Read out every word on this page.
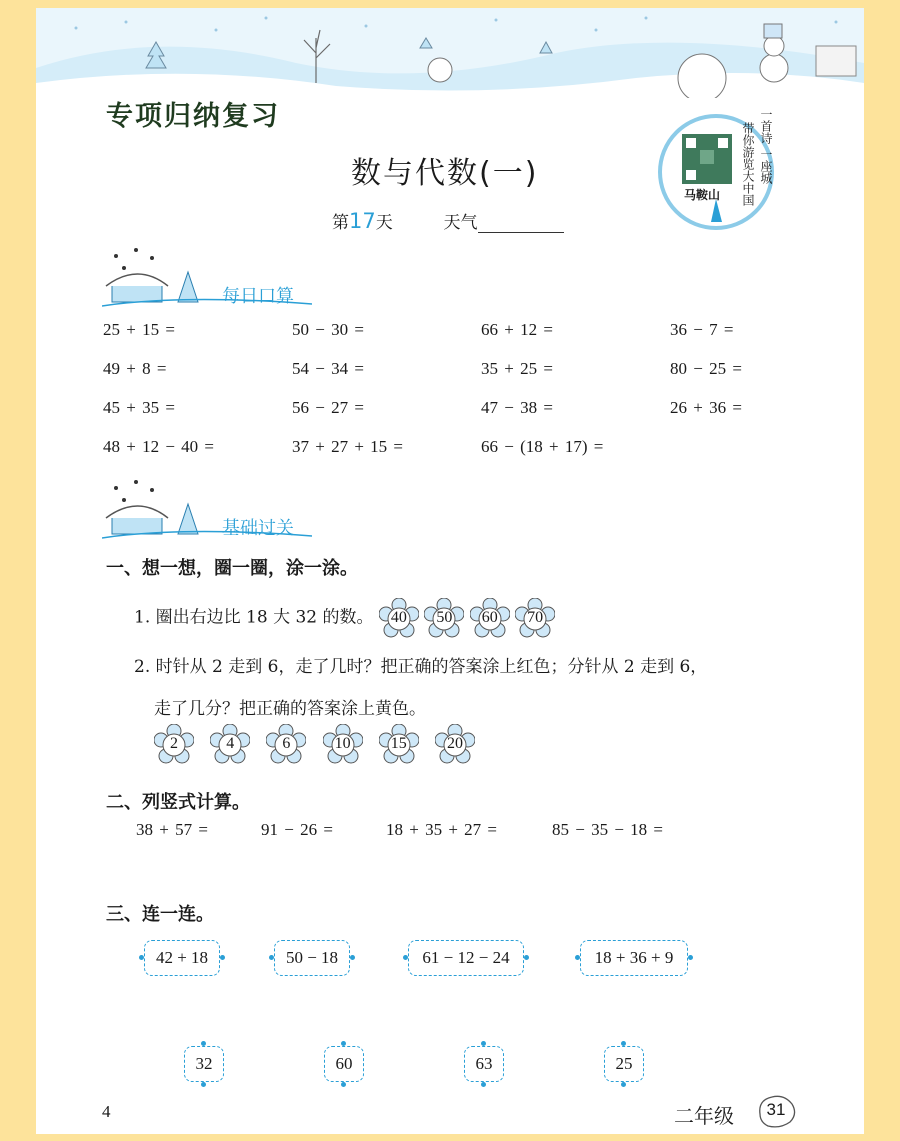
专项归纳复习
数与代数(一)
第17天	天气
一首诗 一座城
带你游览大中国
马鞍山
每日口算
25 + 15 =	50 − 30 =	66 + 12 =	36 − 7 =
49 + 8 =	54 − 34 =	35 + 25 =	80 − 25 =
45 + 35 =	56 − 27 =	47 − 38 =	26 + 36 =
48 + 12 − 40 =	37 + 27 + 15 =	66 − (18 + 17) =
基础过关
一、想一想，圈一圈，涂一涂。
1. 圈出右边比 18 大 32 的数。	40
	50
	60
	70
2. 时针从 2 走到 6，走了几时？把正确的答案涂上红色；分针从 2 走到 6，
走了几分？把正确的答案涂上黄色。
2
	4
	6
	10
	15
	20
二、列竖式计算。
38 + 57 =	91 − 26 =	18 + 35 + 27 =	85 − 35 − 18 =
三、连一连。
42 + 18	50 − 18	61 − 12 − 24	18 + 36 + 9
32	60	63	25
4	二年级	31
